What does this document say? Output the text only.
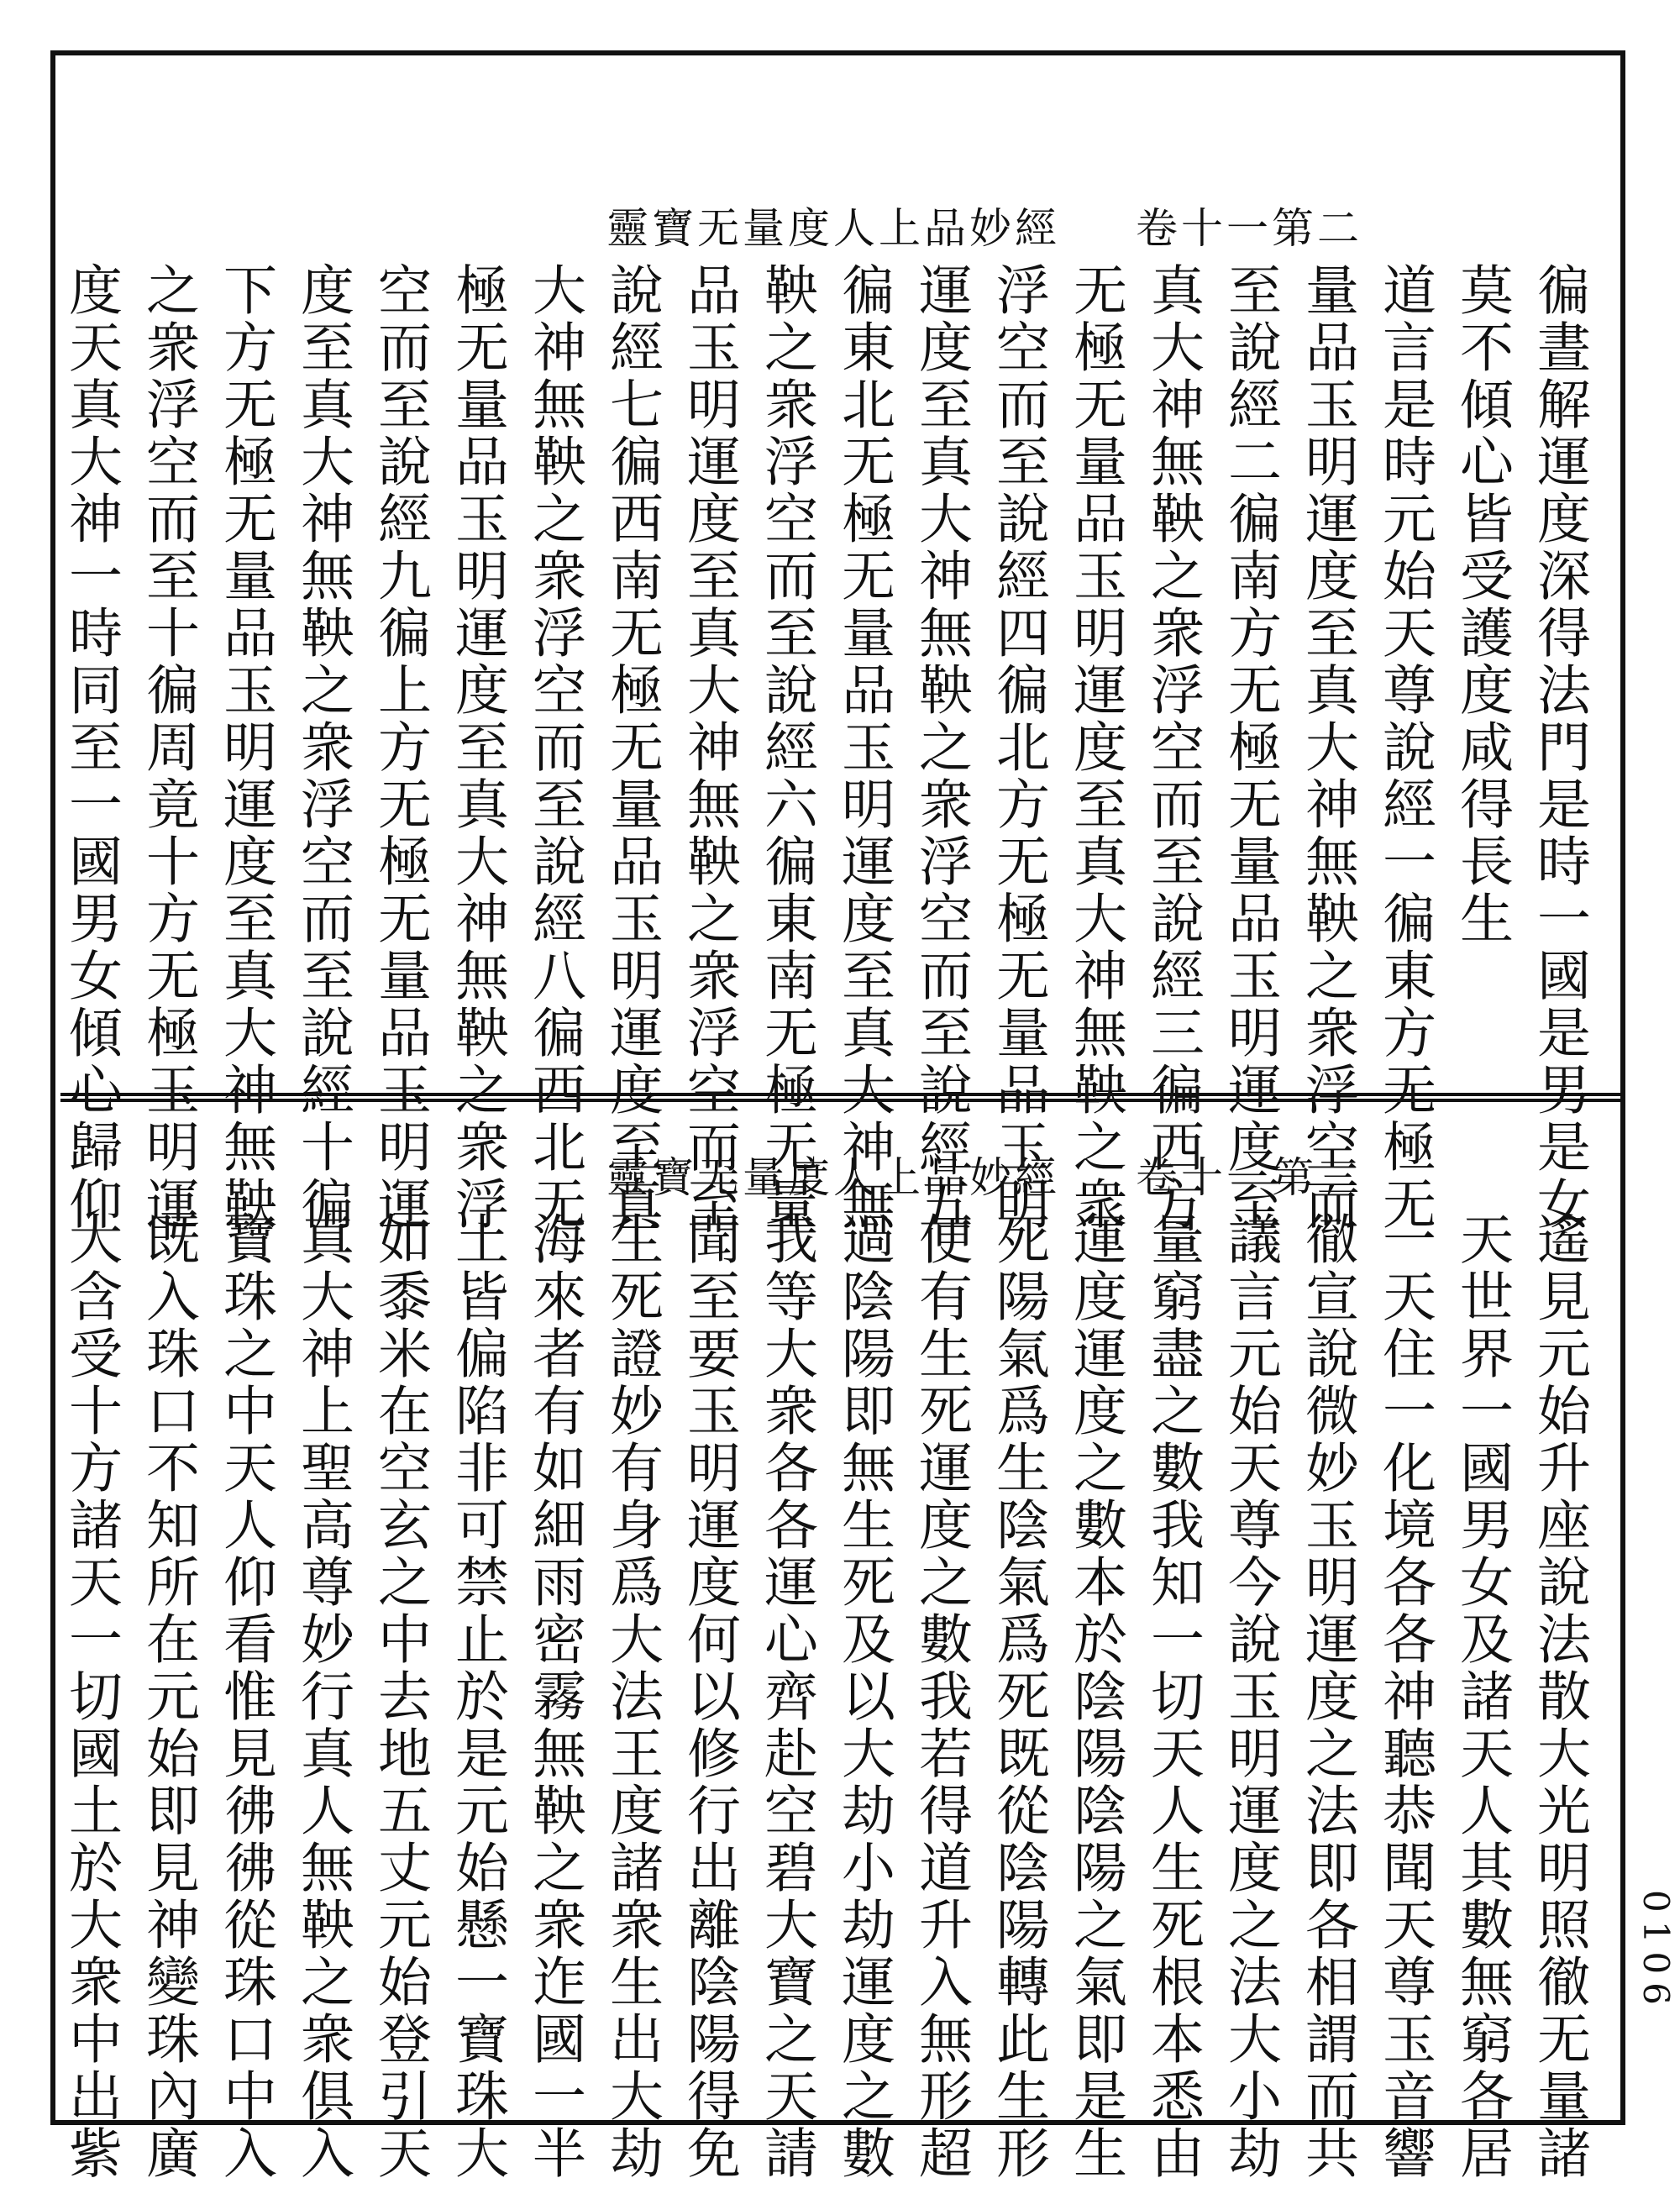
靈寶无量度人上品妙經 卷十一第二
徧晝解運度深得法門是時一國是男是女
莫不傾心皆受護度咸得長生
道言是時元始天尊說經一徧東方无極无
量品玉明運度至真大神無鞅之衆浮空而
至說經二徧南方无極无量品玉明運度至
真大神無鞅之衆浮空而至說經三徧西方
无極无量品玉明運度至真大神無鞅之衆
浮空而至說經四徧北方无極无量品玉明
運度至真大神無鞅之衆浮空而至說經五
徧東北无極无量品玉明運度至真大神無
鞅之衆浮空而至說經六徧東南无極无量
品玉明運度至真大神無鞅之衆浮空而至
說經七徧西南无極无量品玉明運度至真
大神無鞅之衆浮空而至說經八徧西北无
極无量品玉明運度至真大神無鞅之衆浮
空而至說經九徧上方无極无量品玉明運
度至真大神無鞅之衆浮空而至說經十徧
下方无極无量品玉明運度至真大神無鞅
之衆浮空而至十徧周竟十方无極玉明運
度天真大神一時同至一國男女傾心歸仰	靈寶无量度人上品妙經 卷十一第三
遙見元始升座說法散大光明照徹无量諸
天世界一國男女及諸天人其數無窮各居
一天住一化境各各神聽恭聞天尊玉音響
徹宣說微妙玉明運度之法即各相謂而共
議言元始天尊今說玉明運度之法大小劫
量窮盡之數我知一切天人生死根本悉由
運度運度之數本於陰陽陰陽之氣即是生
死陽氣爲生陰氣爲死既從陰陽轉此生形
便有生死運度之數我若得道升入無形超
過陰陽即無生死及以大劫小劫運度之數
我等大衆各各運心齊赴空碧大寶之天請
聞至要玉明運度何以修行出離陰陽得免
生死證妙有身爲大法王度諸衆生出大劫
海來者有如細雨密霧無鞅之衆迮國一半
土皆偏陷非可禁止於是元始懸一寶珠大
如黍米在空玄之中去地五丈元始登引天
真大神上聖高尊妙行真人無鞅之衆俱入
寶珠之中天人仰看惟見彿彿從珠口中入
既入珠口不知所在元始即見神變珠內廣
大含受十方諸天一切國土於大衆中出紫	0106
